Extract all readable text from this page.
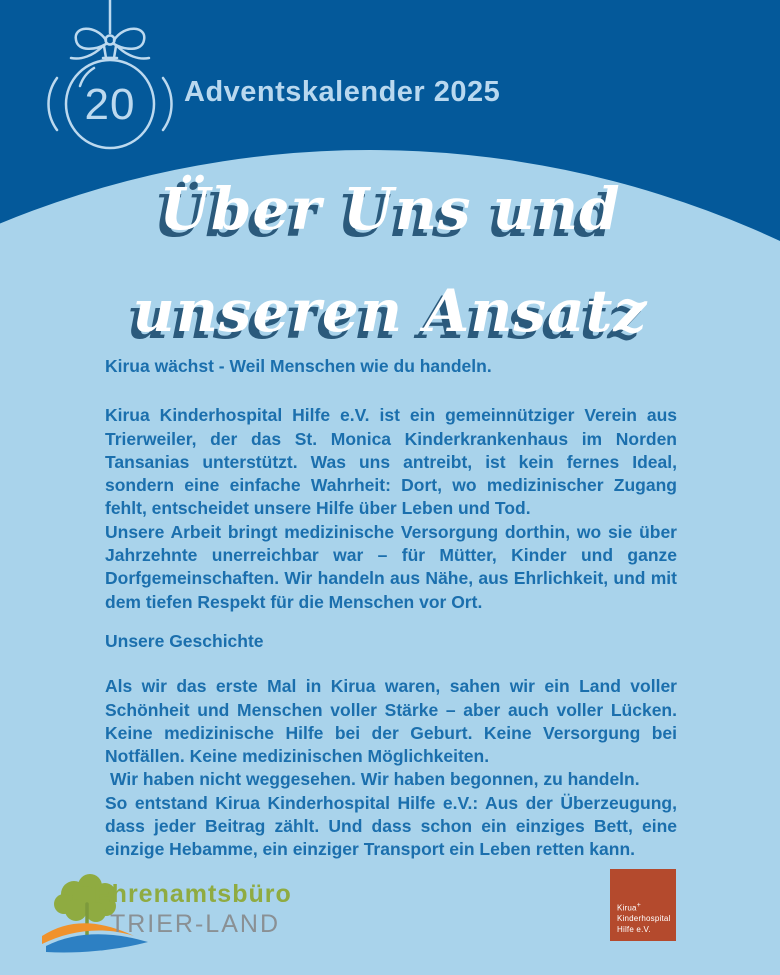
20 Adventskalender 2025
Über Uns und
unseren Ansatz
Kirua wächst - Weil Menschen wie du handeln.
Kirua Kinderhospital Hilfe e.V. ist ein gemeinnütziger Verein aus Trierweiler, der das St. Monica Kinderkrankenhaus im Norden Tansanias unterstützt. Was uns antreibt, ist kein fernes Ideal, sondern eine einfache Wahrheit: Dort, wo medizinischer Zugang fehlt, entscheidet unsere Hilfe über Leben und Tod.
Unsere Arbeit bringt medizinische Versorgung dorthin, wo sie über Jahrzehnte unerreichbar war – für Mütter, Kinder und ganze Dorfgemeinschaften. Wir handeln aus Nähe, aus Ehrlichkeit, und mit dem tiefen Respekt für die Menschen vor Ort.
Unsere Geschichte
Als wir das erste Mal in Kirua waren, sahen wir ein Land voller Schönheit und Menschen voller Stärke – aber auch voller Lücken. Keine medizinische Hilfe bei der Geburt. Keine Versorgung bei Notfällen. Keine medizinischen Möglichkeiten.
Wir haben nicht weggesehen. Wir haben begonnen, zu handeln.
So entstand Kirua Kinderhospital Hilfe e.V.: Aus der Überzeugung, dass jeder Beitrag zählt. Und dass schon ein einziges Bett, eine einzige Hebamme, ein einziger Transport ein Leben retten kann.
Ehrenamtsbüro
TRIER-LAND
Kirua+
Kinderhospital
Hilfe e.V.
